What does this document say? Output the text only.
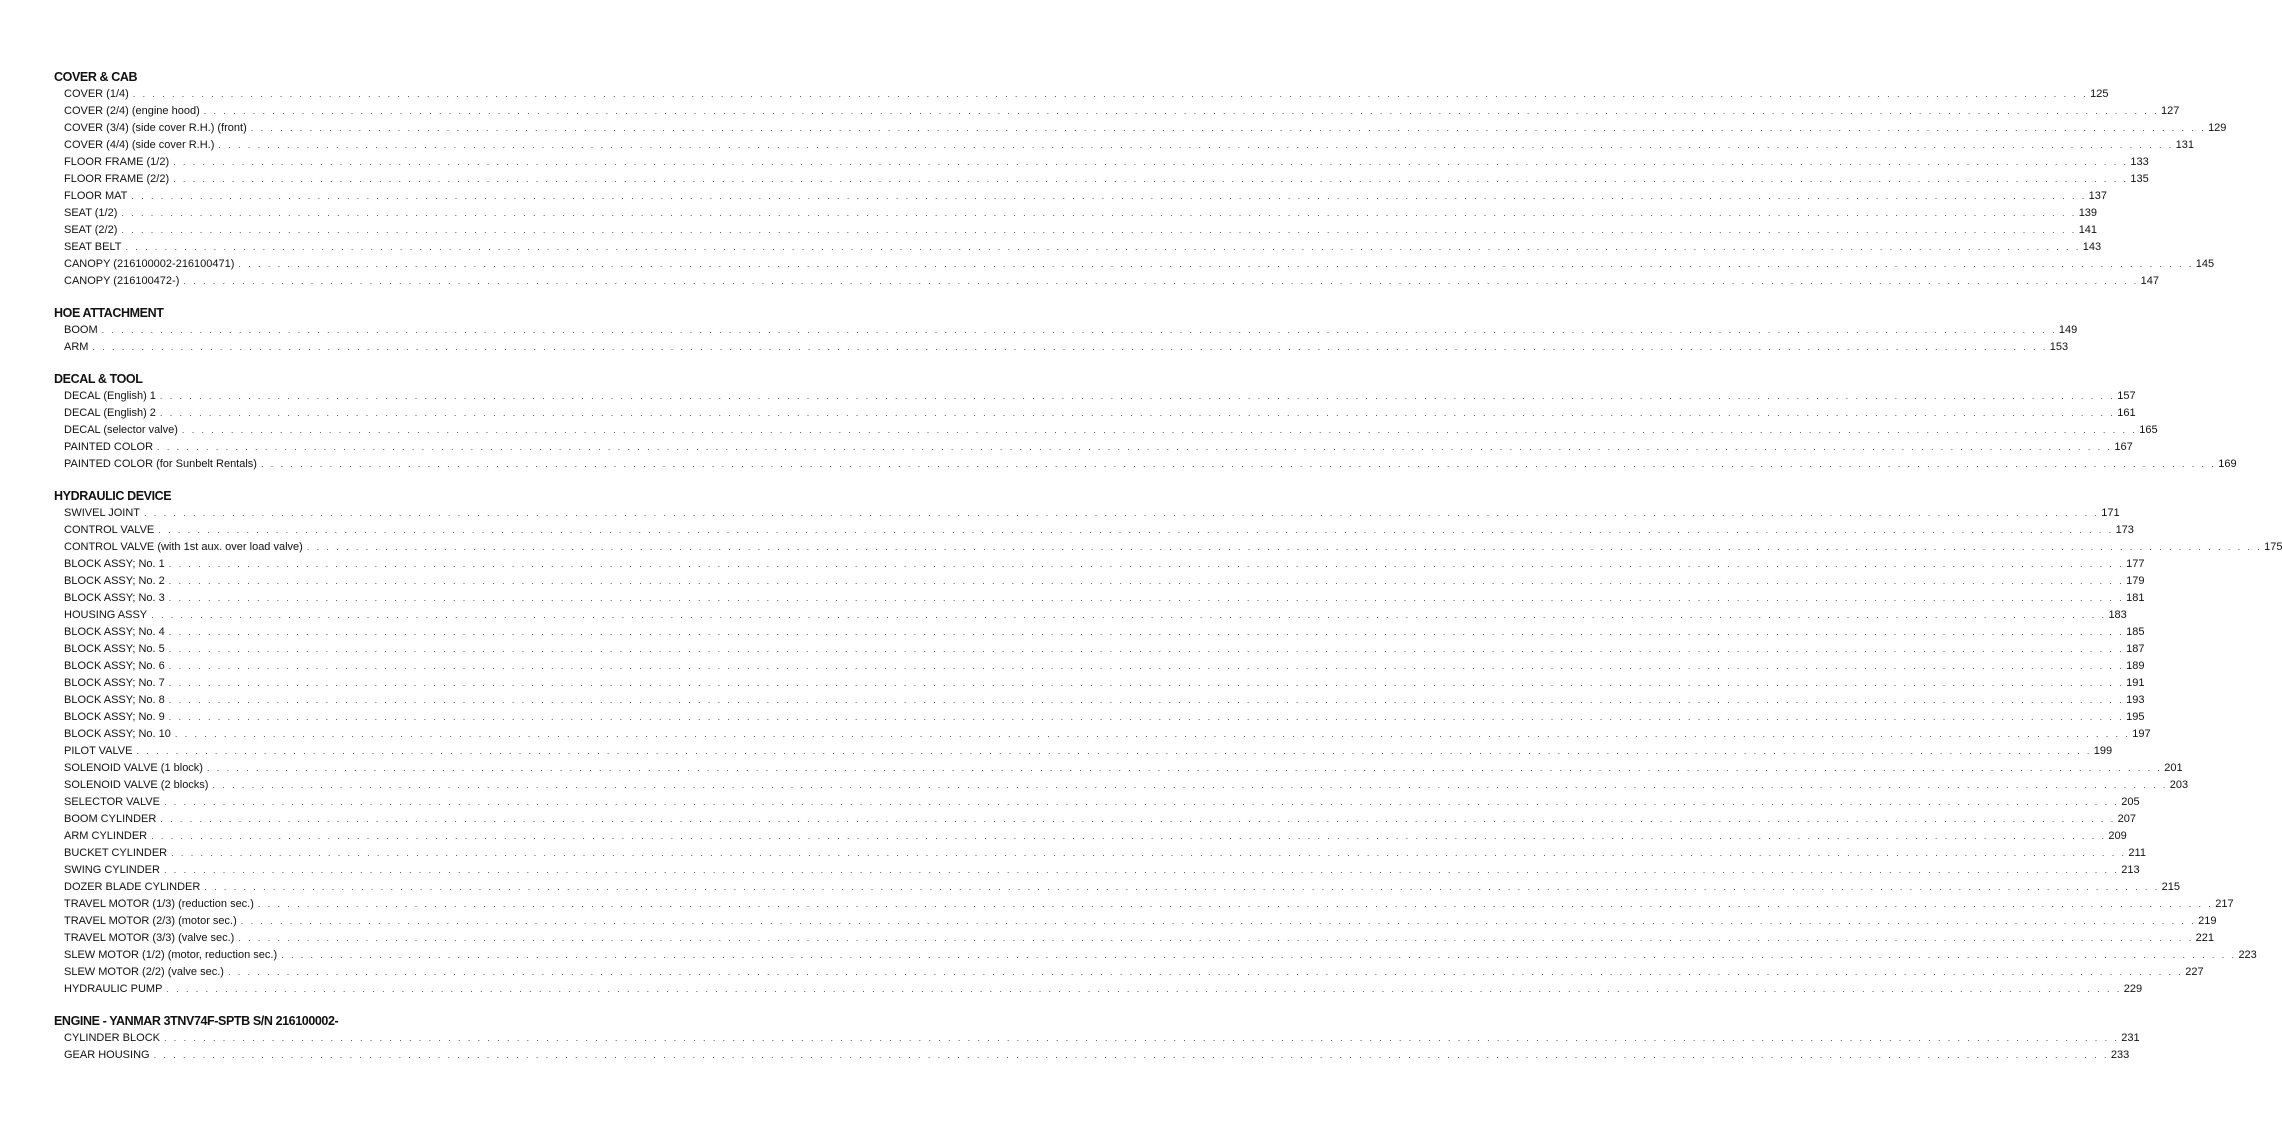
COVER & CAB
COVER (1/4) . . . . . . . . . . . . . . . . . . . . . . . . . . . . . . . . . . . . . . . . . . . . . . . . . . . . . . . . . . . . . . . . . . . . . . . . . . . . . . . . . . . . . . . . . . . . . . . . . . . . . . . . . . . . . . . . . . . . . . . . . . . . . . . . . . . . . . . . . . . . . . . . . . . . . . . . . . . . . . . . . . . . . . . . . . . . . . . . . . . . . . . . . . . . . . . . . . . . . . . . 125
COVER (2/4) (engine hood) . . . . . . . . . . . . . . . . . . . . . . . . . . . . . . . . . . . . . . . . . . . . . . . . . . . . . . . . . . . . . . . . . . . . . . . . . . . . . . . . . . . . . . . . . . . . . . . . . . . . . . . . . . . . . . . . . . . . . . . . . . . . . . . . . . . . . . . . . . . . . . . . . . . . . . . . . . . . . . . . . . . . . . . . . . . . . . . . . . . . . . . . . . . . . . . . . . . . . . . . 127
COVER (3/4) (side cover R.H.) (front) . . . . . . . . . . . . . . . . . . . . . . . . . . . . . . . . . . . . . . . . . . . . . . . . . . . . . . . . . . . . . . . . . . . . . . . . . . . . . . . . . . . . . . . . . . . . . . . . . . . . . . . . . . . . . . . . . . . . . . . . . . . . . . . . . . . . . . . . . . . . . . . . . . . . . . . . . . . . . . . . . . . . . . . . . . . . . . . . . . . . . . . . . . . . . . . . . . . . . . . . 129
COVER (4/4) (side cover R.H.) . . . . . . . . . . . . . . . . . . . . . . . . . . . . . . . . . . . . . . . . . . . . . . . . . . . . . . . . . . . . . . . . . . . . . . . . . . . . . . . . . . . . . . . . . . . . . . . . . . . . . . . . . . . . . . . . . . . . . . . . . . . . . . . . . . . . . . . . . . . . . . . . . . . . . . . . . . . . . . . . . . . . . . . . . . . . . . . . . . . . . . . . . . . . . . . . . . . . . . . . 131
FLOOR FRAME (1/2) . . . . . . . . . . . . . . . . . . . . . . . . . . . . . . . . . . . . . . . . . . . . . . . . . . . . . . . . . . . . . . . . . . . . . . . . . . . . . . . . . . . . . . . . . . . . . . . . . . . . . . . . . . . . . . . . . . . . . . . . . . . . . . . . . . . . . . . . . . . . . . . . . . . . . . . . . . . . . . . . . . . . . . . . . . . . . . . . . . . . . . . . . . . . . . . . . . . . . . . . 133
FLOOR FRAME (2/2) . . . . . . . . . . . . . . . . . . . . . . . . . . . . . . . . . . . . . . . . . . . . . . . . . . . . . . . . . . . . . . . . . . . . . . . . . . . . . . . . . . . . . . . . . . . . . . . . . . . . . . . . . . . . . . . . . . . . . . . . . . . . . . . . . . . . . . . . . . . . . . . . . . . . . . . . . . . . . . . . . . . . . . . . . . . . . . . . . . . . . . . . . . . . . . . . . . . . . . . . 135
FLOOR MAT . . . . . . . . . . . . . . . . . . . . . . . . . . . . . . . . . . . . . . . . . . . . . . . . . . . . . . . . . . . . . . . . . . . . . . . . . . . . . . . . . . . . . . . . . . . . . . . . . . . . . . . . . . . . . . . . . . . . . . . . . . . . . . . . . . . . . . . . . . . . . . . . . . . . . . . . . . . . . . . . . . . . . . . . . . . . . . . . . . . . . . . . . . . . . . . . . . . . . . . . 137
SEAT (1/2) . . . . . . . . . . . . . . . . . . . . . . . . . . . . . . . . . . . . . . . . . . . . . . . . . . . . . . . . . . . . . . . . . . . . . . . . . . . . . . . . . . . . . . . . . . . . . . . . . . . . . . . . . . . . . . . . . . . . . . . . . . . . . . . . . . . . . . . . . . . . . . . . . . . . . . . . . . . . . . . . . . . . . . . . . . . . . . . . . . . . . . . . . . . . . . . . . . . . . . . . 139
SEAT (2/2) . . . . . . . . . . . . . . . . . . . . . . . . . . . . . . . . . . . . . . . . . . . . . . . . . . . . . . . . . . . . . . . . . . . . . . . . . . . . . . . . . . . . . . . . . . . . . . . . . . . . . . . . . . . . . . . . . . . . . . . . . . . . . . . . . . . . . . . . . . . . . . . . . . . . . . . . . . . . . . . . . . . . . . . . . . . . . . . . . . . . . . . . . . . . . . . . . . . . . . . . 141
SEAT BELT . . . . . . . . . . . . . . . . . . . . . . . . . . . . . . . . . . . . . . . . . . . . . . . . . . . . . . . . . . . . . . . . . . . . . . . . . . . . . . . . . . . . . . . . . . . . . . . . . . . . . . . . . . . . . . . . . . . . . . . . . . . . . . . . . . . . . . . . . . . . . . . . . . . . . . . . . . . . . . . . . . . . . . . . . . . . . . . . . . . . . . . . . . . . . . . . . . . . . . . . 143
CANOPY (216100002-216100471) . . . . . . . . . . . . . . . . . . . . . . . . . . . . . . . . . . . . . . . . . . . . . . . . . . . . . . . . . . . . . . . . . . . . . . . . . . . . . . . . . . . . . . . . . . . . . . . . . . . . . . . . . . . . . . . . . . . . . . . . . . . . . . . . . . . . . . . . . . . . . . . . . . . . . . . . . . . . . . . . . . . . . . . . . . . . . . . . . . . . . . . . . . . . . . . . . . . . . . . . 145
CANOPY (216100472-) . . . . . . . . . . . . . . . . . . . . . . . . . . . . . . . . . . . . . . . . . . . . . . . . . . . . . . . . . . . . . . . . . . . . . . . . . . . . . . . . . . . . . . . . . . . . . . . . . . . . . . . . . . . . . . . . . . . . . . . . . . . . . . . . . . . . . . . . . . . . . . . . . . . . . . . . . . . . . . . . . . . . . . . . . . . . . . . . . . . . . . . . . . . . . . . . . . . . . . . . 147
HOE ATTACHMENT
BOOM . . . . . . . . . . . . . . . . . . . . . . . . . . . . . . . . . . . . . . . . . . . . . . . . . . . . . . . . . . . . . . . . . . . . . . . . . . . . . . . . . . . . . . . . . . . . . . . . . . . . . . . . . . . . . . . . . . . . . . . . . . . . . . . . . . . . . . . . . . . . . . . . . . . . . . . . . . . . . . . . . . . . . . . . . . . . . . . . . . . . . . . . . . . . . . . . . . . . . . . . 149
ARM . . . . . . . . . . . . . . . . . . . . . . . . . . . . . . . . . . . . . . . . . . . . . . . . . . . . . . . . . . . . . . . . . . . . . . . . . . . . . . . . . . . . . . . . . . . . . . . . . . . . . . . . . . . . . . . . . . . . . . . . . . . . . . . . . . . . . . . . . . . . . . . . . . . . . . . . . . . . . . . . . . . . . . . . . . . . . . . . . . . . . . . . . . . . . . . . . . . . . . . . 153
DECAL & TOOL
DECAL (English) 1 . . . . . . . . . . . . . . . . . . . . . . . . . . . . . . . . . . . . . . . . . . . . . . . . . . . . . . . . . . . . . . . . . . . . . . . . . . . . . . . . . . . . . . . . . . . . . . . . . . . . . . . . . . . . . . . . . . . . . . . . . . . . . . . . . . . . . . . . . . . . . . . . . . . . . . . . . . . . . . . . . . . . . . . . . . . . . . . . . . . . . . . . . . . . . . . . . . . . . . . . 157
DECAL (English) 2 . . . . . . . . . . . . . . . . . . . . . . . . . . . . . . . . . . . . . . . . . . . . . . . . . . . . . . . . . . . . . . . . . . . . . . . . . . . . . . . . . . . . . . . . . . . . . . . . . . . . . . . . . . . . . . . . . . . . . . . . . . . . . . . . . . . . . . . . . . . . . . . . . . . . . . . . . . . . . . . . . . . . . . . . . . . . . . . . . . . . . . . . . . . . . . . . . . . . . . . . 161
DECAL (selector valve) . . . . . . . . . . . . . . . . . . . . . . . . . . . . . . . . . . . . . . . . . . . . . . . . . . . . . . . . . . . . . . . . . . . . . . . . . . . . . . . . . . . . . . . . . . . . . . . . . . . . . . . . . . . . . . . . . . . . . . . . . . . . . . . . . . . . . . . . . . . . . . . . . . . . . . . . . . . . . . . . . . . . . . . . . . . . . . . . . . . . . . . . . . . . . . . . . . . . . . . . 165
PAINTED COLOR . . . . . . . . . . . . . . . . . . . . . . . . . . . . . . . . . . . . . . . . . . . . . . . . . . . . . . . . . . . . . . . . . . . . . . . . . . . . . . . . . . . . . . . . . . . . . . . . . . . . . . . . . . . . . . . . . . . . . . . . . . . . . . . . . . . . . . . . . . . . . . . . . . . . . . . . . . . . . . . . . . . . . . . . . . . . . . . . . . . . . . . . . . . . . . . . . . . . . . . . 167
PAINTED COLOR (for Sunbelt Rentals) . . . . . . . . . . . . . . . . . . . . . . . . . . . . . . . . . . . . . . . . . . . . . . . . . . . . . . . . . . . . . . . . . . . . . . . . . . . . . . . . . . . . . . . . . . . . . . . . . . . . . . . . . . . . . . . . . . . . . . . . . . . . . . . . . . . . . . . . . . . . . . . . . . . . . . . . . . . . . . . . . . . . . . . . . . . . . . . . . . . . . . . . . . . . . . . . . . . . . . . . 169
HYDRAULIC DEVICE
SWIVEL JOINT . . . . . . . . . . . . . . . . . . . . . . . . . . . . . . . . . . . . . . . . . . . . . . . . . . . . . . . . . . . . . . . . . . . . . . . . . . . . . . . . . . . . . . . . . . . . . . . . . . . . . . . . . . . . . . . . . . . . . . . . . . . . . . . . . . . . . . . . . . . . . . . . . . . . . . . . . . . . . . . . . . . . . . . . . . . . . . . . . . . . . . . . . . . . . . . . . . . . . . . . 171
CONTROL VALVE . . . . . . . . . . . . . . . . . . . . . . . . . . . . . . . . . . . . . . . . . . . . . . . . . . . . . . . . . . . . . . . . . . . . . . . . . . . . . . . . . . . . . . . . . . . . . . . . . . . . . . . . . . . . . . . . . . . . . . . . . . . . . . . . . . . . . . . . . . . . . . . . . . . . . . . . . . . . . . . . . . . . . . . . . . . . . . . . . . . . . . . . . . . . . . . . . . . . . . . . 173
CONTROL VALVE (with 1st aux. over load valve) . . . . . . . . . . . . . . . . . . . . . . . . . . . . . . . . . . . . . . . . . . . . . . . . . . . . . . . . . . . . . . . . . . . . . . . . . . . . . . . . . . . . . . . . . . . . . . . . . . . . . . . . . . . . . . . . . . . . . . . . . . . . . . . . . . . . . . . . . . . . . . . . . . . . . . . . . . . . . . . . . . . . . . . . . . . . . . . . . . . . . . . . . . . . . . . . . . . . . . . . 175
BLOCK ASSY; No. 1 . . . . . . . . . . . . . . . . . . . . . . . . . . . . . . . . . . . . . . . . . . . . . . . . . . . . . . . . . . . . . . . . . . . . . . . . . . . . . . . . . . . . . . . . . . . . . . . . . . . . . . . . . . . . . . . . . . . . . . . . . . . . . . . . . . . . . . . . . . . . . . . . . . . . . . . . . . . . . . . . . . . . . . . . . . . . . . . . . . . . . . . . . . . . . . . . . . . . . . . . 177
BLOCK ASSY; No. 2 . . . . . . . . . . . . . . . . . . . . . . . . . . . . . . . . . . . . . . . . . . . . . . . . . . . . . . . . . . . . . . . . . . . . . . . . . . . . . . . . . . . . . . . . . . . . . . . . . . . . . . . . . . . . . . . . . . . . . . . . . . . . . . . . . . . . . . . . . . . . . . . . . . . . . . . . . . . . . . . . . . . . . . . . . . . . . . . . . . . . . . . . . . . . . . . . . . . . . . . . 179
BLOCK ASSY; No. 3 . . . . . . . . . . . . . . . . . . . . . . . . . . . . . . . . . . . . . . . . . . . . . . . . . . . . . . . . . . . . . . . . . . . . . . . . . . . . . . . . . . . . . . . . . . . . . . . . . . . . . . . . . . . . . . . . . . . . . . . . . . . . . . . . . . . . . . . . . . . . . . . . . . . . . . . . . . . . . . . . . . . . . . . . . . . . . . . . . . . . . . . . . . . . . . . . . . . . . . . . 181
HOUSING ASSY . . . . . . . . . . . . . . . . . . . . . . . . . . . . . . . . . . . . . . . . . . . . . . . . . . . . . . . . . . . . . . . . . . . . . . . . . . . . . . . . . . . . . . . . . . . . . . . . . . . . . . . . . . . . . . . . . . . . . . . . . . . . . . . . . . . . . . . . . . . . . . . . . . . . . . . . . . . . . . . . . . . . . . . . . . . . . . . . . . . . . . . . . . . . . . . . . . . . . . . . 183
BLOCK ASSY; No. 4 . . . . . . . . . . . . . . . . . . . . . . . . . . . . . . . . . . . . . . . . . . . . . . . . . . . . . . . . . . . . . . . . . . . . . . . . . . . . . . . . . . . . . . . . . . . . . . . . . . . . . . . . . . . . . . . . . . . . . . . . . . . . . . . . . . . . . . . . . . . . . . . . . . . . . . . . . . . . . . . . . . . . . . . . . . . . . . . . . . . . . . . . . . . . . . . . . . . . . . . . 185
BLOCK ASSY; No. 5 . . . . . . . . . . . . . . . . . . . . . . . . . . . . . . . . . . . . . . . . . . . . . . . . . . . . . . . . . . . . . . . . . . . . . . . . . . . . . . . . . . . . . . . . . . . . . . . . . . . . . . . . . . . . . . . . . . . . . . . . . . . . . . . . . . . . . . . . . . . . . . . . . . . . . . . . . . . . . . . . . . . . . . . . . . . . . . . . . . . . . . . . . . . . . . . . . . . . . . . . 187
BLOCK ASSY; No. 6 . . . . . . . . . . . . . . . . . . . . . . . . . . . . . . . . . . . . . . . . . . . . . . . . . . . . . . . . . . . . . . . . . . . . . . . . . . . . . . . . . . . . . . . . . . . . . . . . . . . . . . . . . . . . . . . . . . . . . . . . . . . . . . . . . . . . . . . . . . . . . . . . . . . . . . . . . . . . . . . . . . . . . . . . . . . . . . . . . . . . . . . . . . . . . . . . . . . . . . . . 189
BLOCK ASSY; No. 7 . . . . . . . . . . . . . . . . . . . . . . . . . . . . . . . . . . . . . . . . . . . . . . . . . . . . . . . . . . . . . . . . . . . . . . . . . . . . . . . . . . . . . . . . . . . . . . . . . . . . . . . . . . . . . . . . . . . . . . . . . . . . . . . . . . . . . . . . . . . . . . . . . . . . . . . . . . . . . . . . . . . . . . . . . . . . . . . . . . . . . . . . . . . . . . . . . . . . . . . . 191
BLOCK ASSY; No. 8 . . . . . . . . . . . . . . . . . . . . . . . . . . . . . . . . . . . . . . . . . . . . . . . . . . . . . . . . . . . . . . . . . . . . . . . . . . . . . . . . . . . . . . . . . . . . . . . . . . . . . . . . . . . . . . . . . . . . . . . . . . . . . . . . . . . . . . . . . . . . . . . . . . . . . . . . . . . . . . . . . . . . . . . . . . . . . . . . . . . . . . . . . . . . . . . . . . . . . . . . 193
BLOCK ASSY; No. 9 . . . . . . . . . . . . . . . . . . . . . . . . . . . . . . . . . . . . . . . . . . . . . . . . . . . . . . . . . . . . . . . . . . . . . . . . . . . . . . . . . . . . . . . . . . . . . . . . . . . . . . . . . . . . . . . . . . . . . . . . . . . . . . . . . . . . . . . . . . . . . . . . . . . . . . . . . . . . . . . . . . . . . . . . . . . . . . . . . . . . . . . . . . . . . . . . . . . . . . . . 195
BLOCK ASSY; No. 10 . . . . . . . . . . . . . . . . . . . . . . . . . . . . . . . . . . . . . . . . . . . . . . . . . . . . . . . . . . . . . . . . . . . . . . . . . . . . . . . . . . . . . . . . . . . . . . . . . . . . . . . . . . . . . . . . . . . . . . . . . . . . . . . . . . . . . . . . . . . . . . . . . . . . . . . . . . . . . . . . . . . . . . . . . . . . . . . . . . . . . . . . . . . . . . . . . . . . . . . . 197
PILOT VALVE . . . . . . . . . . . . . . . . . . . . . . . . . . . . . . . . . . . . . . . . . . . . . . . . . . . . . . . . . . . . . . . . . . . . . . . . . . . . . . . . . . . . . . . . . . . . . . . . . . . . . . . . . . . . . . . . . . . . . . . . . . . . . . . . . . . . . . . . . . . . . . . . . . . . . . . . . . . . . . . . . . . . . . . . . . . . . . . . . . . . . . . . . . . . . . . . . . . . . . . . 199
SOLENOID VALVE (1 block) . . . . . . . . . . . . . . . . . . . . . . . . . . . . . . . . . . . . . . . . . . . . . . . . . . . . . . . . . . . . . . . . . . . . . . . . . . . . . . . . . . . . . . . . . . . . . . . . . . . . . . . . . . . . . . . . . . . . . . . . . . . . . . . . . . . . . . . . . . . . . . . . . . . . . . . . . . . . . . . . . . . . . . . . . . . . . . . . . . . . . . . . . . . . . . . . . . . . . . . . 201
SOLENOID VALVE (2 blocks) . . . . . . . . . . . . . . . . . . . . . . . . . . . . . . . . . . . . . . . . . . . . . . . . . . . . . . . . . . . . . . . . . . . . . . . . . . . . . . . . . . . . . . . . . . . . . . . . . . . . . . . . . . . . . . . . . . . . . . . . . . . . . . . . . . . . . . . . . . . . . . . . . . . . . . . . . . . . . . . . . . . . . . . . . . . . . . . . . . . . . . . . . . . . . . . . . . . . . . . . 203
SELECTOR VALVE . . . . . . . . . . . . . . . . . . . . . . . . . . . . . . . . . . . . . . . . . . . . . . . . . . . . . . . . . . . . . . . . . . . . . . . . . . . . . . . . . . . . . . . . . . . . . . . . . . . . . . . . . . . . . . . . . . . . . . . . . . . . . . . . . . . . . . . . . . . . . . . . . . . . . . . . . . . . . . . . . . . . . . . . . . . . . . . . . . . . . . . . . . . . . . . . . . . . . . . . 205
BOOM CYLINDER . . . . . . . . . . . . . . . . . . . . . . . . . . . . . . . . . . . . . . . . . . . . . . . . . . . . . . . . . . . . . . . . . . . . . . . . . . . . . . . . . . . . . . . . . . . . . . . . . . . . . . . . . . . . . . . . . . . . . . . . . . . . . . . . . . . . . . . . . . . . . . . . . . . . . . . . . . . . . . . . . . . . . . . . . . . . . . . . . . . . . . . . . . . . . . . . . . . . . . . . 207
ARM CYLINDER . . . . . . . . . . . . . . . . . . . . . . . . . . . . . . . . . . . . . . . . . . . . . . . . . . . . . . . . . . . . . . . . . . . . . . . . . . . . . . . . . . . . . . . . . . . . . . . . . . . . . . . . . . . . . . . . . . . . . . . . . . . . . . . . . . . . . . . . . . . . . . . . . . . . . . . . . . . . . . . . . . . . . . . . . . . . . . . . . . . . . . . . . . . . . . . . . . . . . . . . 209
BUCKET CYLINDER . . . . . . . . . . . . . . . . . . . . . . . . . . . . . . . . . . . . . . . . . . . . . . . . . . . . . . . . . . . . . . . . . . . . . . . . . . . . . . . . . . . . . . . . . . . . . . . . . . . . . . . . . . . . . . . . . . . . . . . . . . . . . . . . . . . . . . . . . . . . . . . . . . . . . . . . . . . . . . . . . . . . . . . . . . . . . . . . . . . . . . . . . . . . . . . . . . . . . . . . 211
SWING CYLINDER . . . . . . . . . . . . . . . . . . . . . . . . . . . . . . . . . . . . . . . . . . . . . . . . . . . . . . . . . . . . . . . . . . . . . . . . . . . . . . . . . . . . . . . . . . . . . . . . . . . . . . . . . . . . . . . . . . . . . . . . . . . . . . . . . . . . . . . . . . . . . . . . . . . . . . . . . . . . . . . . . . . . . . . . . . . . . . . . . . . . . . . . . . . . . . . . . . . . . . . . 213
DOZER BLADE CYLINDER . . . . . . . . . . . . . . . . . . . . . . . . . . . . . . . . . . . . . . . . . . . . . . . . . . . . . . . . . . . . . . . . . . . . . . . . . . . . . . . . . . . . . . . . . . . . . . . . . . . . . . . . . . . . . . . . . . . . . . . . . . . . . . . . . . . . . . . . . . . . . . . . . . . . . . . . . . . . . . . . . . . . . . . . . . . . . . . . . . . . . . . . . . . . . . . . . . . . . . . . 215
TRAVEL MOTOR (1/3) (reduction sec.) . . . . . . . . . . . . . . . . . . . . . . . . . . . . . . . . . . . . . . . . . . . . . . . . . . . . . . . . . . . . . . . . . . . . . . . . . . . . . . . . . . . . . . . . . . . . . . . . . . . . . . . . . . . . . . . . . . . . . . . . . . . . . . . . . . . . . . . . . . . . . . . . . . . . . . . . . . . . . . . . . . . . . . . . . . . . . . . . . . . . . . . . . . . . . . . . . . . . . . . . 217
TRAVEL MOTOR (2/3) (motor sec.) . . . . . . . . . . . . . . . . . . . . . . . . . . . . . . . . . . . . . . . . . . . . . . . . . . . . . . . . . . . . . . . . . . . . . . . . . . . . . . . . . . . . . . . . . . . . . . . . . . . . . . . . . . . . . . . . . . . . . . . . . . . . . . . . . . . . . . . . . . . . . . . . . . . . . . . . . . . . . . . . . . . . . . . . . . . . . . . . . . . . . . . . . . . . . . . . . . . . . . . . 219
TRAVEL MOTOR (3/3) (valve sec.) . . . . . . . . . . . . . . . . . . . . . . . . . . . . . . . . . . . . . . . . . . . . . . . . . . . . . . . . . . . . . . . . . . . . . . . . . . . . . . . . . . . . . . . . . . . . . . . . . . . . . . . . . . . . . . . . . . . . . . . . . . . . . . . . . . . . . . . . . . . . . . . . . . . . . . . . . . . . . . . . . . . . . . . . . . . . . . . . . . . . . . . . . . . . . . . . . . . . . . . . 221
SLEW MOTOR (1/2) (motor, reduction sec.) . . . . . . . . . . . . . . . . . . . . . . . . . . . . . . . . . . . . . . . . . . . . . . . . . . . . . . . . . . . . . . . . . . . . . . . . . . . . . . . . . . . . . . . . . . . . . . . . . . . . . . . . . . . . . . . . . . . . . . . . . . . . . . . . . . . . . . . . . . . . . . . . . . . . . . . . . . . . . . . . . . . . . . . . . . . . . . . . . . . . . . . . . . . . . . . . . . . . . . . . 223
SLEW MOTOR (2/2) (valve sec.) . . . . . . . . . . . . . . . . . . . . . . . . . . . . . . . . . . . . . . . . . . . . . . . . . . . . . . . . . . . . . . . . . . . . . . . . . . . . . . . . . . . . . . . . . . . . . . . . . . . . . . . . . . . . . . . . . . . . . . . . . . . . . . . . . . . . . . . . . . . . . . . . . . . . . . . . . . . . . . . . . . . . . . . . . . . . . . . . . . . . . . . . . . . . . . . . . . . . . . . . 227
HYDRAULIC PUMP . . . . . . . . . . . . . . . . . . . . . . . . . . . . . . . . . . . . . . . . . . . . . . . . . . . . . . . . . . . . . . . . . . . . . . . . . . . . . . . . . . . . . . . . . . . . . . . . . . . . . . . . . . . . . . . . . . . . . . . . . . . . . . . . . . . . . . . . . . . . . . . . . . . . . . . . . . . . . . . . . . . . . . . . . . . . . . . . . . . . . . . . . . . . . . . . . . . . . . . . 229
ENGINE - YANMAR 3TNV74F-SPTB S/N 216100002-
CYLINDER BLOCK . . . . . . . . . . . . . . . . . . . . . . . . . . . . . . . . . . . . . . . . . . . . . . . . . . . . . . . . . . . . . . . . . . . . . . . . . . . . . . . . . . . . . . . . . . . . . . . . . . . . . . . . . . . . . . . . . . . . . . . . . . . . . . . . . . . . . . . . . . . . . . . . . . . . . . . . . . . . . . . . . . . . . . . . . . . . . . . . . . . . . . . . . . . . . . . . . . . . . . . . 231
GEAR HOUSING . . . . . . . . . . . . . . . . . . . . . . . . . . . . . . . . . . . . . . . . . . . . . . . . . . . . . . . . . . . . . . . . . . . . . . . . . . . . . . . . . . . . . . . . . . . . . . . . . . . . . . . . . . . . . . . . . . . . . . . . . . . . . . . . . . . . . . . . . . . . . . . . . . . . . . . . . . . . . . . . . . . . . . . . . . . . . . . . . . . . . . . . . . . . . . . . . . . . . . . . 233
